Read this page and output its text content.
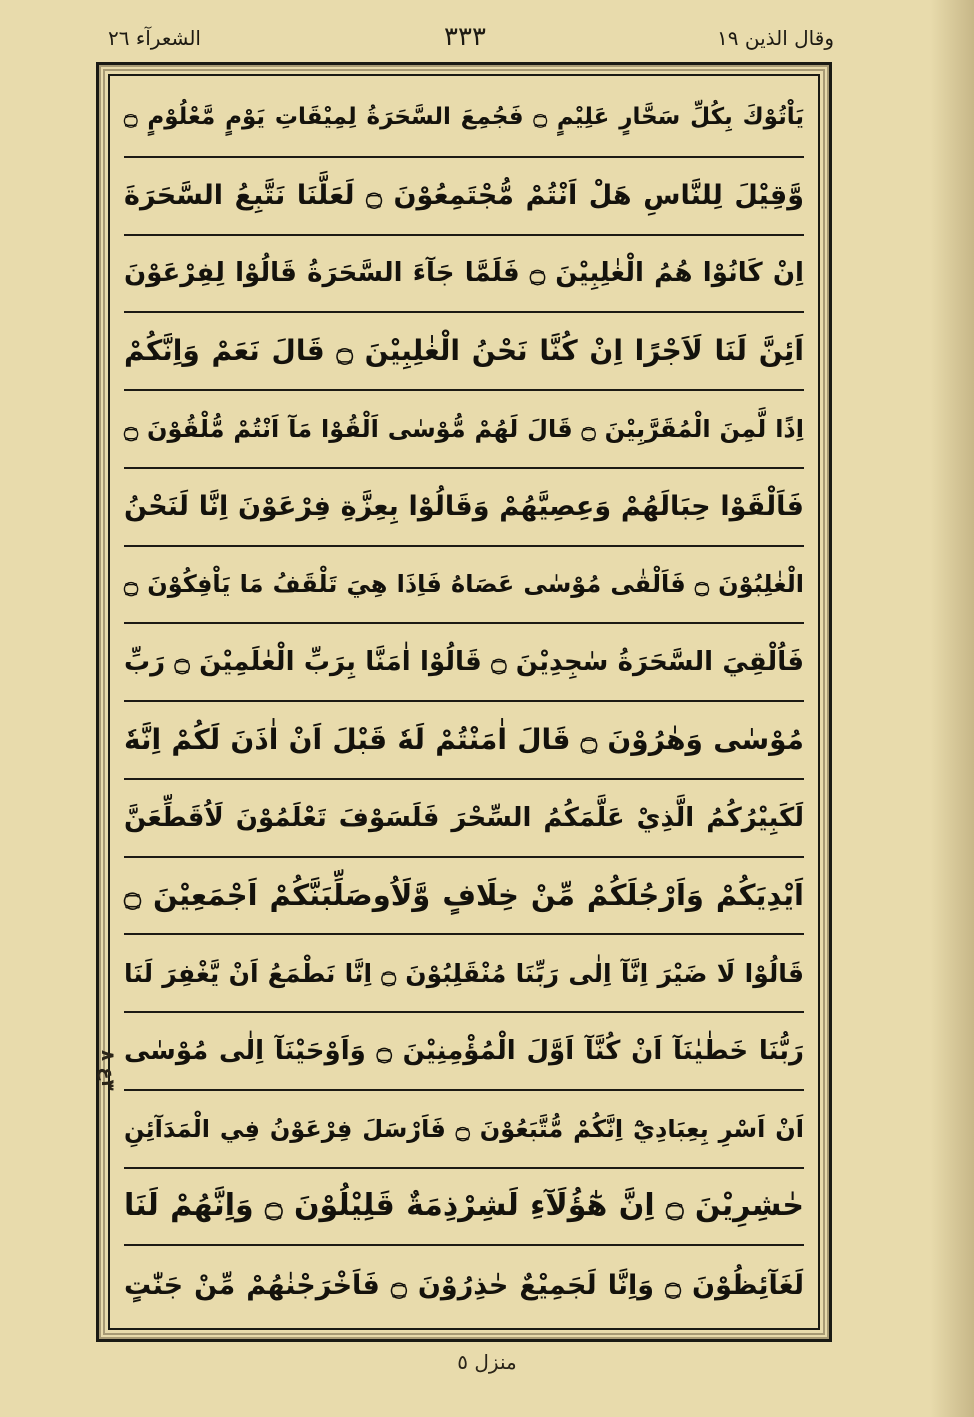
وقال الذين ١٩
٣٣٣
الشعرآء ٢٦
يَاْتُوْكَ بِكُلِّ سَحَّارٍ عَلِيْمٍ ۝ فَجُمِعَ السَّحَرَةُ لِمِيْقَاتِ يَوْمٍ مَّعْلُوْمٍ ۝
وَّقِيْلَ لِلنَّاسِ هَلْ اَنْتُمْ مُّجْتَمِعُوْنَ ۝ لَعَلَّنَا نَتَّبِعُ السَّحَرَةَ
اِنْ كَانُوْا هُمُ الْغٰلِبِيْنَ ۝ فَلَمَّا جَآءَ السَّحَرَةُ قَالُوْا لِفِرْعَوْنَ
اَئِنَّ لَنَا لَاَجْرًا اِنْ كُنَّا نَحْنُ الْغٰلِبِيْنَ ۝ قَالَ نَعَمْ وَاِنَّكُمْ
اِذًا لَّمِنَ الْمُقَرَّبِيْنَ ۝ قَالَ لَهُمْ مُّوْسٰى اَلْقُوْا مَآ اَنْتُمْ مُّلْقُوْنَ ۝
فَاَلْقَوْا حِبَالَهُمْ وَعِصِيَّهُمْ وَقَالُوْا بِعِزَّةِ فِرْعَوْنَ اِنَّا لَنَحْنُ
الْغٰلِبُوْنَ ۝ فَاَلْقٰى مُوْسٰى عَصَاهُ فَاِذَا هِيَ تَلْقَفُ مَا يَاْفِكُوْنَ ۝
فَاُلْقِيَ السَّحَرَةُ سٰجِدِيْنَ ۝ قَالُوْا اٰمَنَّا بِرَبِّ الْعٰلَمِيْنَ ۝ رَبِّ
مُوْسٰى وَهٰرُوْنَ ۝ قَالَ اٰمَنْتُمْ لَهٗ قَبْلَ اَنْ اٰذَنَ لَكُمْ اِنَّهٗ
لَكَبِيْرُكُمُ الَّذِيْ عَلَّمَكُمُ السِّحْرَ فَلَسَوْفَ تَعْلَمُوْنَ لَاُقَطِّعَنَّ
اَيْدِيَكُمْ وَاَرْجُلَكُمْ مِّنْ خِلَافٍ وَّلَاُوصَلِّبَنَّكُمْ اَجْمَعِيْنَ ۝
قَالُوْا لَا ضَيْرَ اِنَّآ اِلٰى رَبِّنَا مُنْقَلِبُوْنَ ۝ اِنَّا نَطْمَعُ اَنْ يَّغْفِرَ لَنَا
رَبُّنَا خَطٰيٰنَآ اَنْ كُنَّآ اَوَّلَ الْمُؤْمِنِيْنَ ۝ وَاَوْحَيْنَآ اِلٰى مُوْسٰى
اَنْ اَسْرِ بِعِبَادِيْٓ اِنَّكُمْ مُّتَّبَعُوْنَ ۝ فَاَرْسَلَ فِرْعَوْنُ فِي الْمَدَآئِنِ
حٰشِرِيْنَ ۝ اِنَّ هٰٓؤُلَآءِ لَشِرْذِمَةٌ قَلِيْلُوْنَ ۝ وَاِنَّهُمْ لَنَا
لَغَآئِظُوْنَ ۝ وَاِنَّا لَجَمِيْعٌ حٰذِرُوْنَ ۝ فَاَخْرَجْنٰهُمْ مِّنْ جَنّٰتٍ
٣ع ٨
منزل ٥
